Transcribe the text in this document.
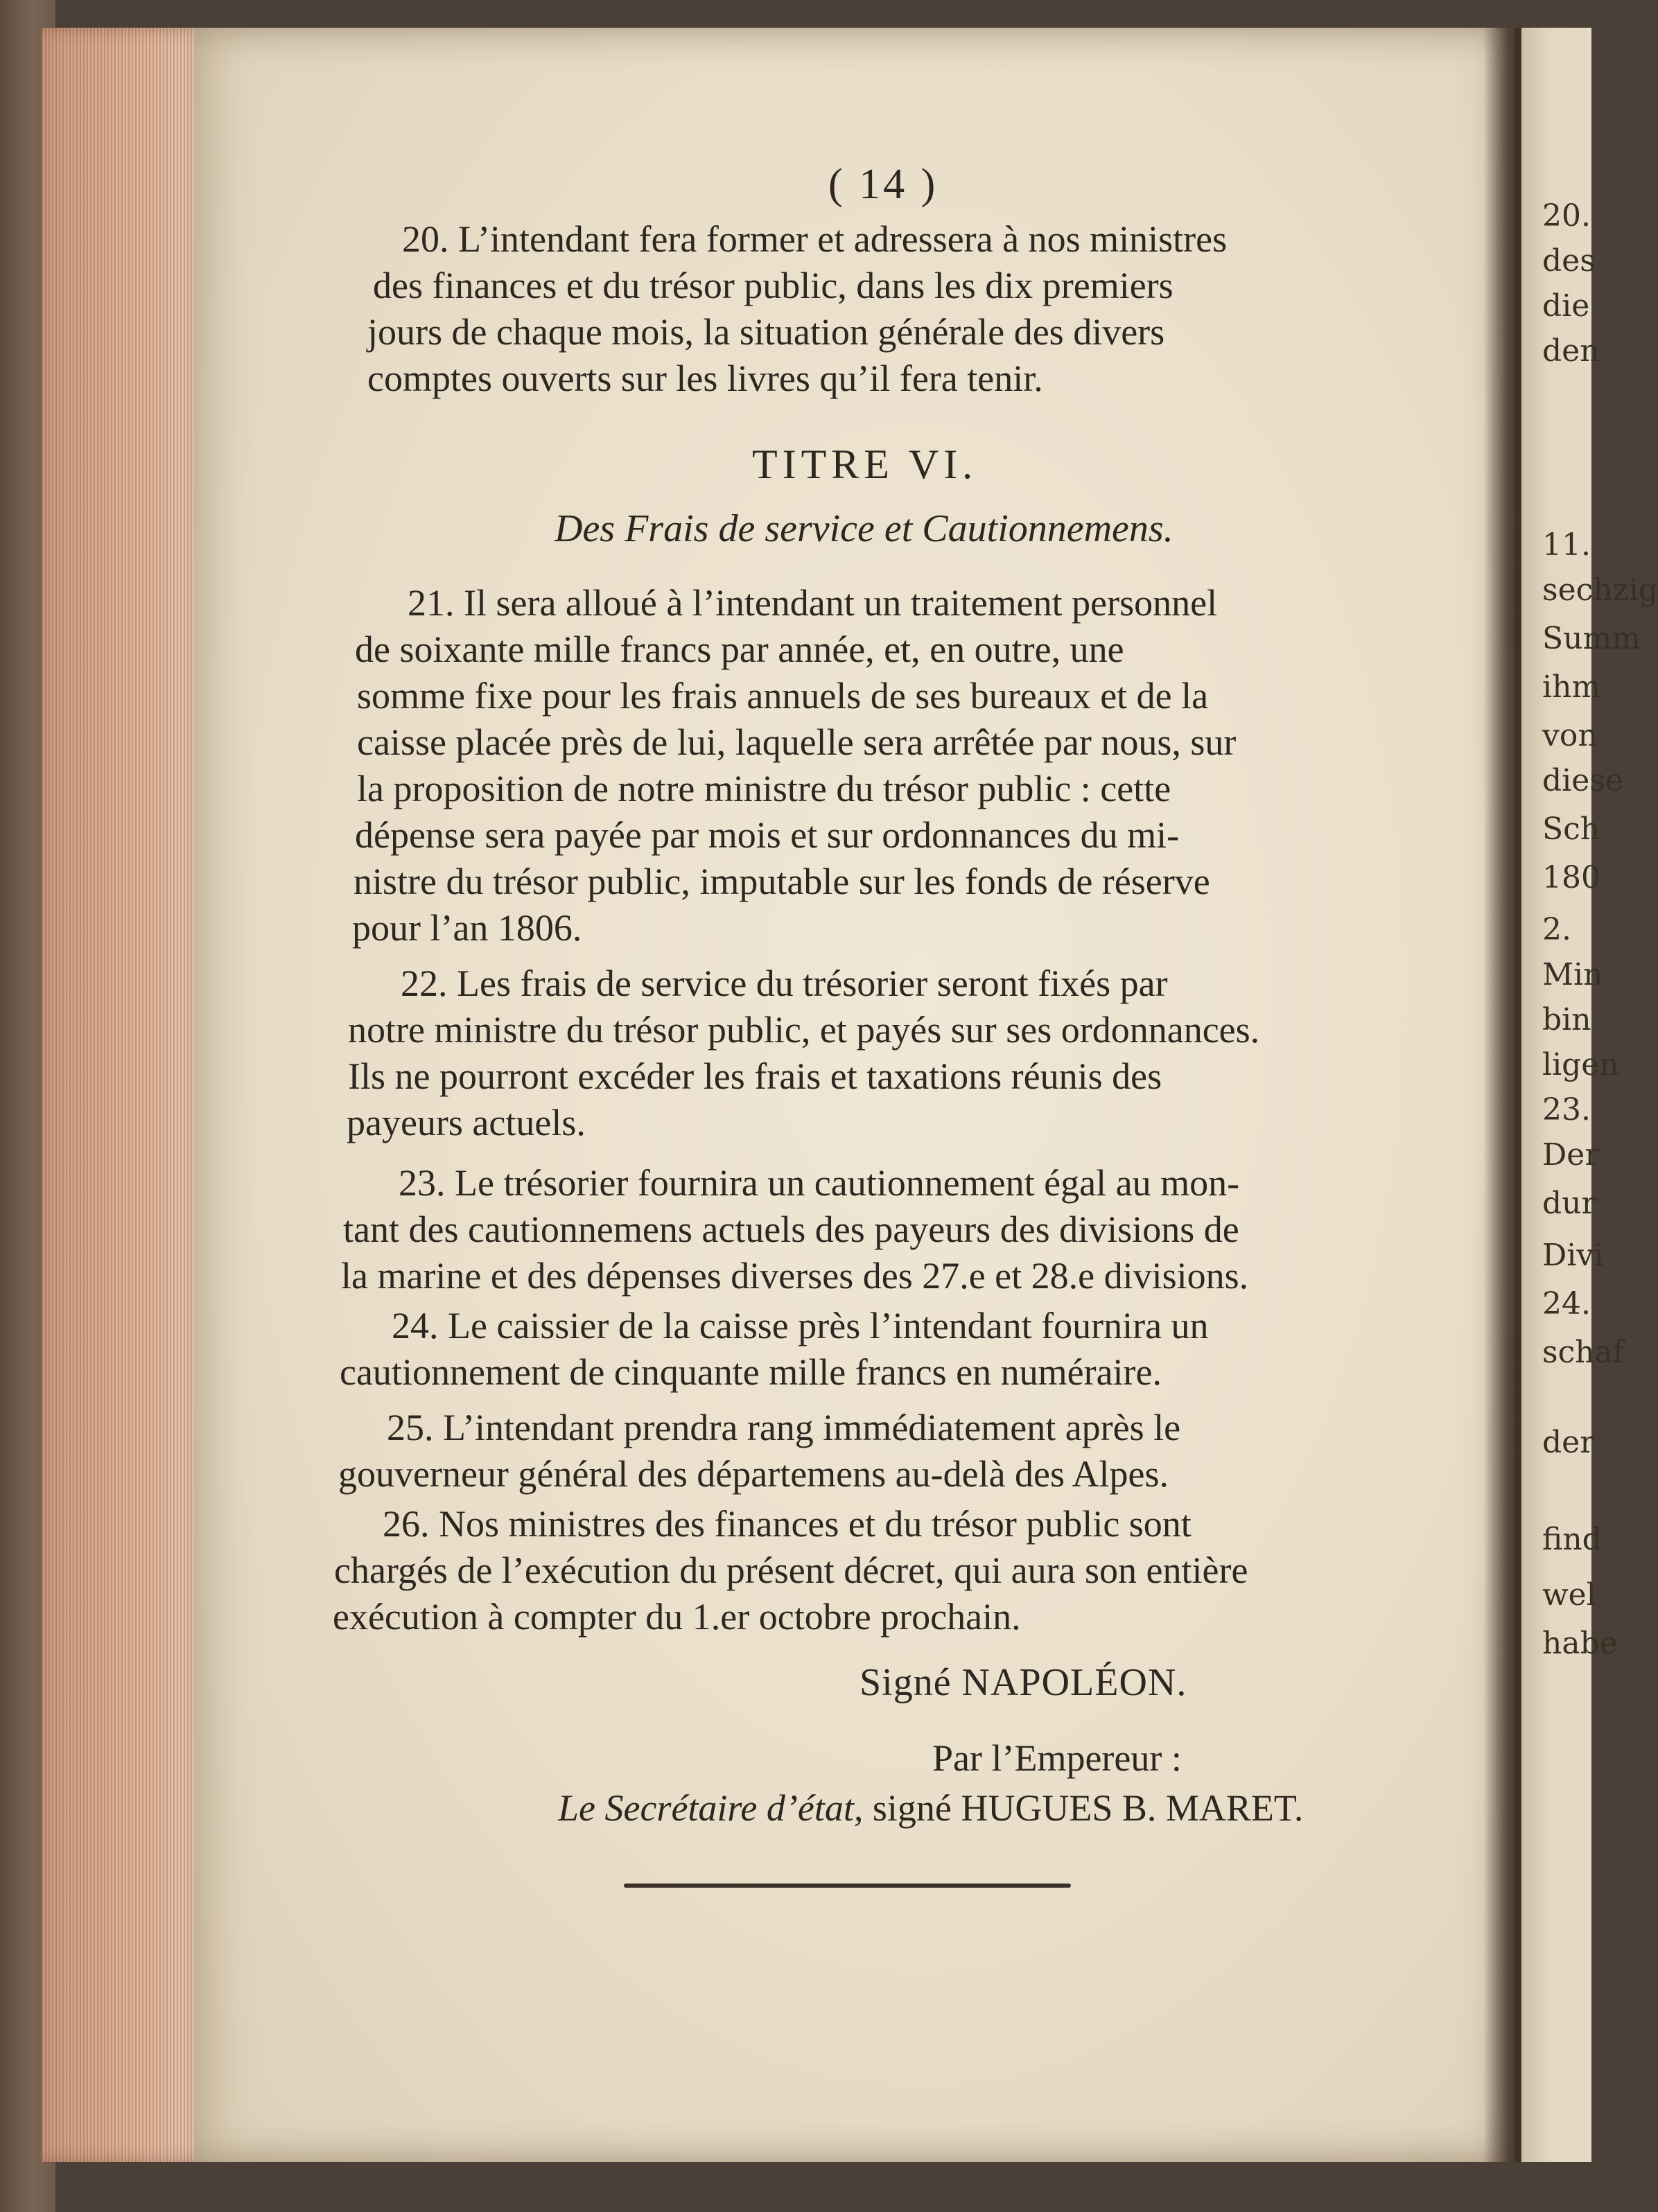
20.

des

die

den

11.

sechzig

Summ

ihm

von

diese

Sch

180

2.

Min

bin

ligen

23.

Der

dur

Divi

24.

schaf

der

find

wel

habe

( 14 )

20. L’intendant fera former et adressera à nos ministres

des finances et du trésor public, dans les dix premiers

jours de chaque mois, la situation générale des divers

comptes ouverts sur les livres qu’il fera tenir.

TITRE VI.

Des Frais de service et Cautionnemens.

21. Il sera alloué à l’intendant un traitement personnel

de soixante mille francs par année, et, en outre, une

somme fixe pour les frais annuels de ses bureaux et de la

caisse placée près de lui, laquelle sera arrêtée par nous, sur

la proposition de notre ministre du trésor public : cette

dépense sera payée par mois et sur ordonnances du mi-

nistre du trésor public, imputable sur les fonds de réserve

pour l’an 1806.

22. Les frais de service du trésorier seront fixés par

notre ministre du trésor public, et payés sur ses ordonnances.

Ils ne pourront excéder les frais et taxations réunis des

payeurs actuels.

23. Le trésorier fournira un cautionnement égal au mon-

tant des cautionnemens actuels des payeurs des divisions de

la marine et des dépenses diverses des 27.e et 28.e divisions.

24. Le caissier de la caisse près l’intendant fournira un

cautionnement de cinquante mille francs en numéraire.

25. L’intendant prendra rang immédiatement après le

gouverneur général des départemens au-delà des Alpes.

26. Nos ministres des finances et du trésor public sont

chargés de l’exécution du présent décret, qui aura son entière

exécution à compter du 1.er octobre prochain.

Signé NAPOLÉON.

Par l’Empereur :

Le Secrétaire d’état, signé HUGUES B. MARET.
